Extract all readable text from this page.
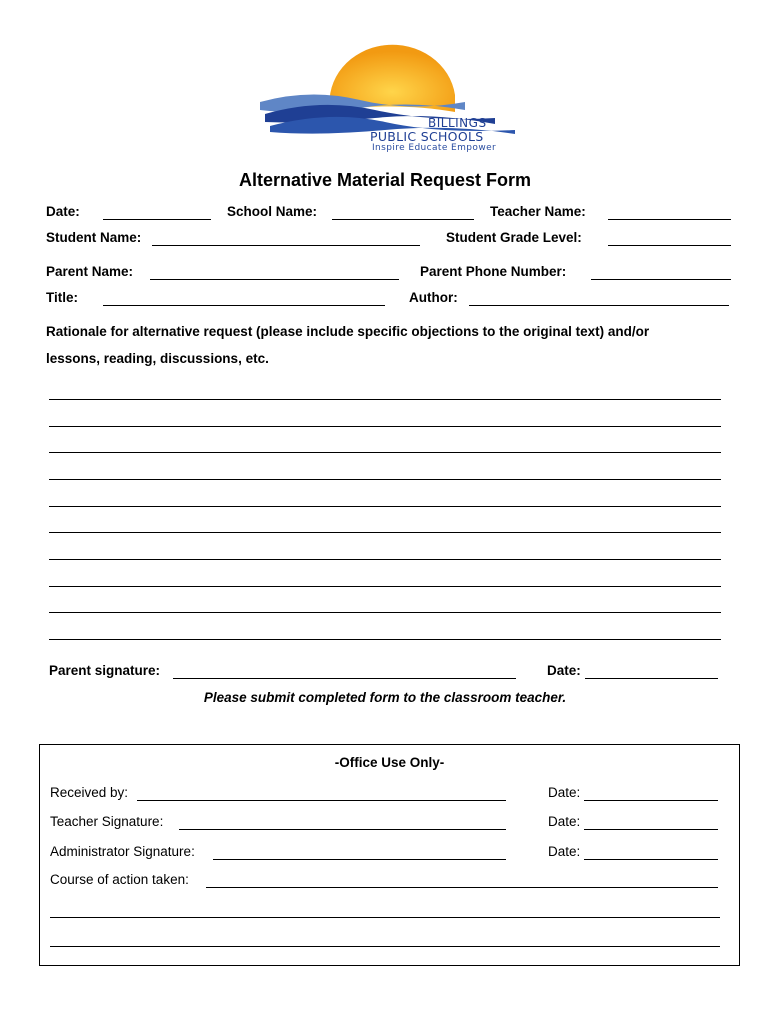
BILLINGS
PUBLIC SCHOOLS
Inspire Educate Empower
Alternative Material Request Form
Date:	School Name:	Teacher Name:
Student Name:	Student Grade Level:
Parent Name:	Parent Phone Number:
Title:	Author:
Rationale for alternative request (please include specific objections to the original text) and/or
lessons, reading, discussions, etc.
Parent signature:	Date:
Please submit completed form to the classroom teacher.
-Office Use Only-
Received by:	Date:
Teacher Signature:	Date:
Administrator Signature:	Date:
Course of action taken:
